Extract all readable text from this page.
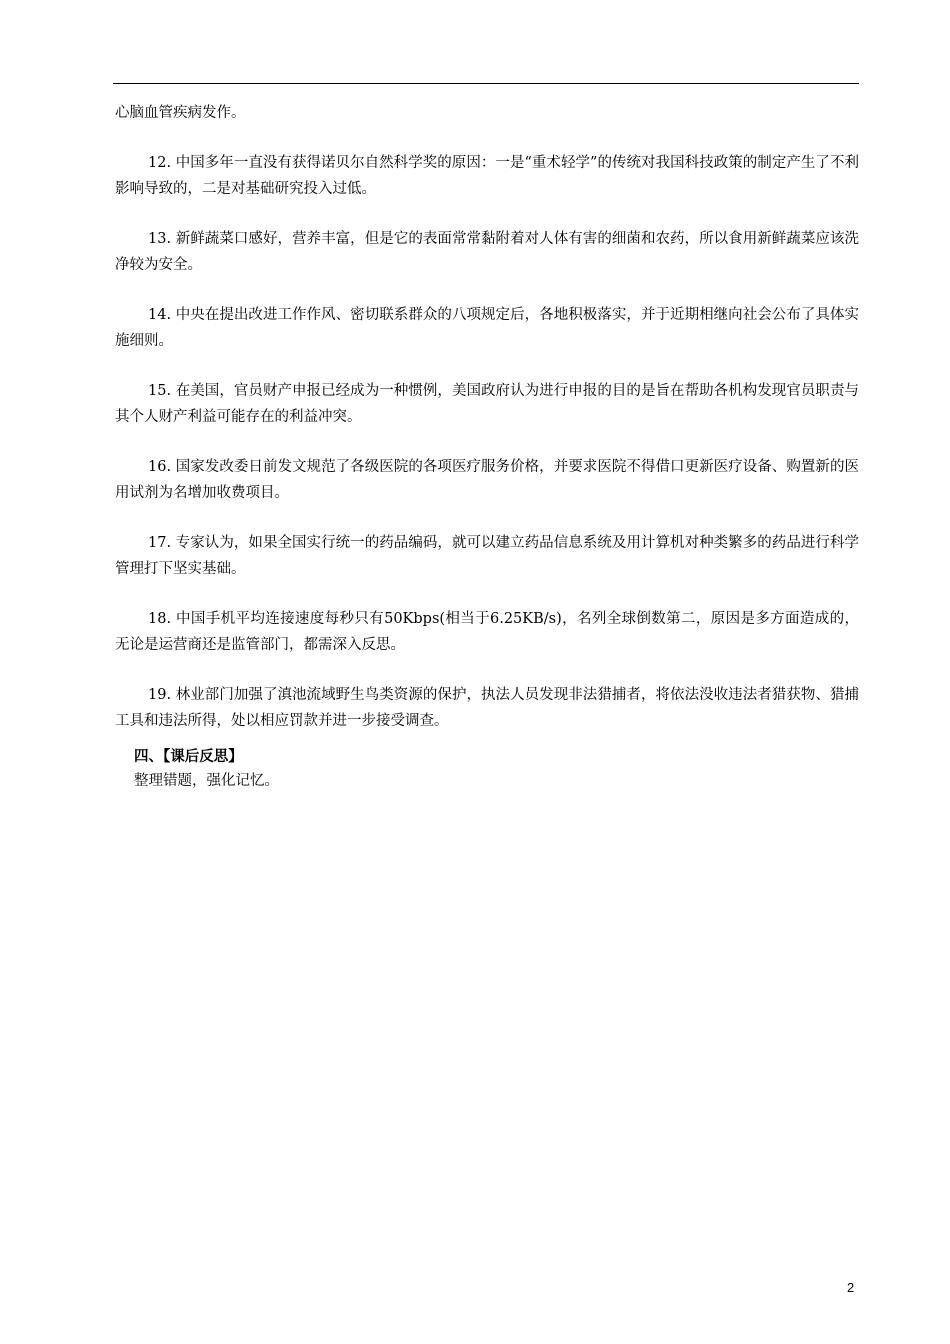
心脑血管疾病发作。

12. 中国多年一直没有获得诺贝尔自然科学奖的原因：一是“重术轻学”的传统对我国科技政策的制定产生了不利影响导致的，二是对基础研究投入过低。

13. 新鲜蔬菜口感好，营养丰富，但是它的表面常常黏附着对人体有害的细菌和农药，所以食用新鲜蔬菜应该洗净较为安全。

14. 中央在提出改进工作作风、密切联系群众的八项规定后，各地积极落实，并于近期相继向社会公布了具体实施细则。

15. 在美国，官员财产申报已经成为一种惯例，美国政府认为进行申报的目的是旨在帮助各机构发现官员职责与其个人财产利益可能存在的利益冲突。

16. 国家发改委日前发文规范了各级医院的各项医疗服务价格，并要求医院不得借口更新医疗设备、购置新的医用试剂为名增加收费项目。

17. 专家认为，如果全国实行统一的药品编码，就可以建立药品信息系统及用计算机对种类繁多的药品进行科学管理打下坚实基础。

18. 中国手机平均连接速度每秒只有50Kbps(相当于6.25KB/s)，名列全球倒数第二，原因是多方面造成的，无论是运营商还是监管部门，都需深入反思。

19. 林业部门加强了滇池流域野生鸟类资源的保护，执法人员发现非法猎捕者，将依法没收违法者猎获物、猎捕工具和违法所得，处以相应罚款并进一步接受调查。

四、【课后反思】

整理错题，强化记忆。

2
